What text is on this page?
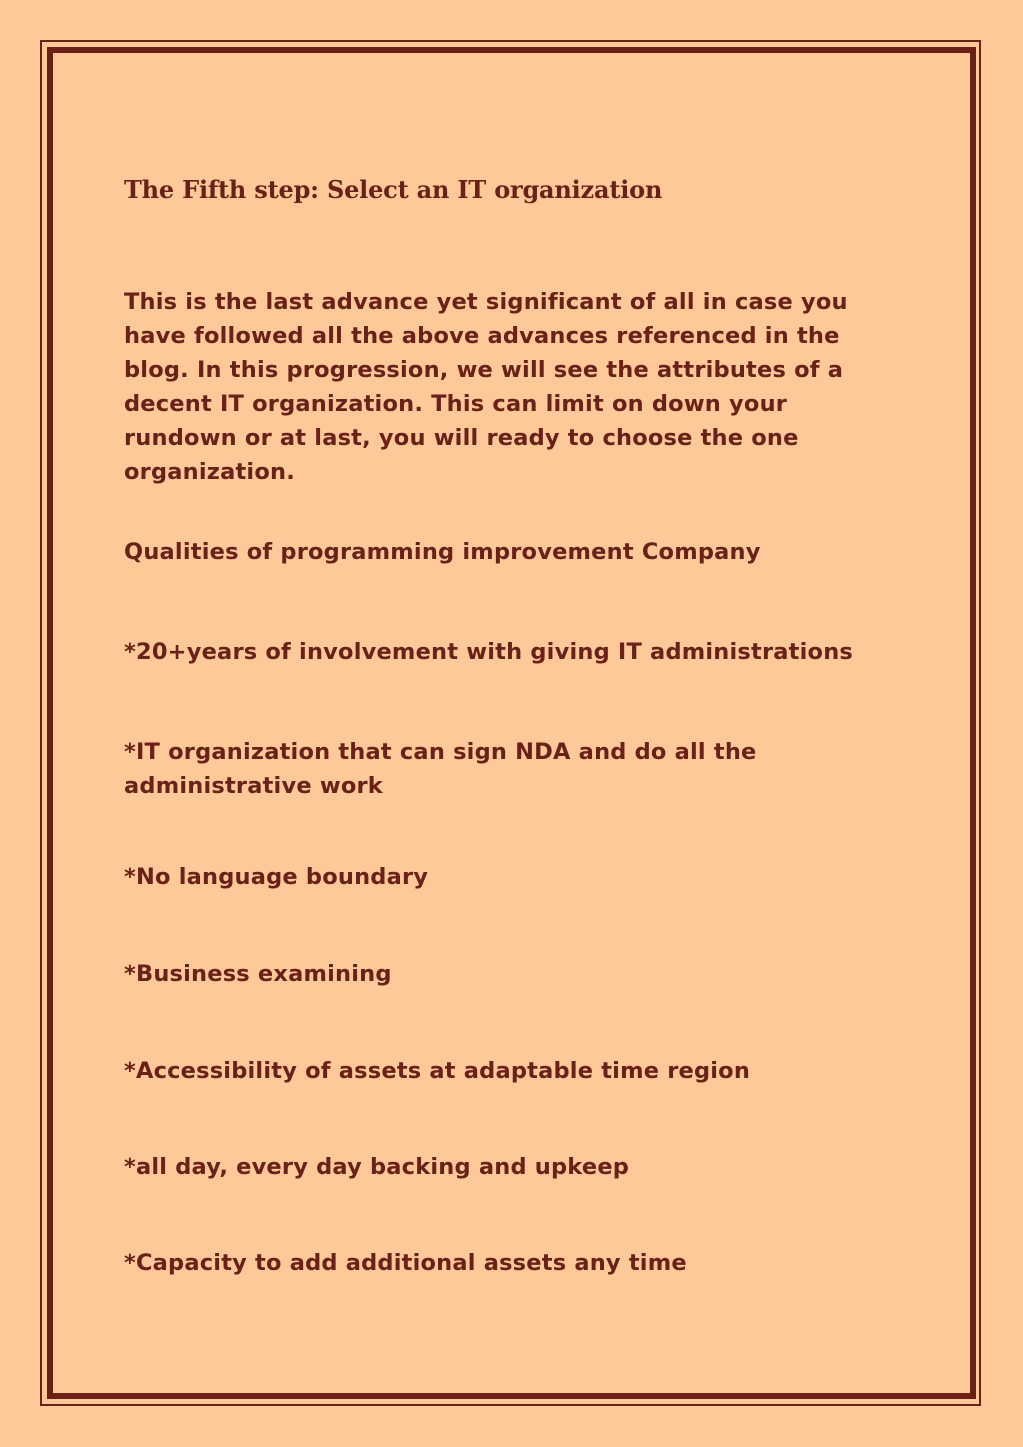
The Fifth step: Select an IT organization

This is the last advance yet significant of all in case you have followed all the above advances referenced in the blog. In this progression, we will see the attributes of a decent IT organization. This can limit on down your rundown or at last, you will ready to choose the one organization.

Qualities of programming improvement Company

*20+years of involvement with giving IT administrations

*IT organization that can sign NDA and do all the administrative work

*No language boundary

*Business examining

*Accessibility of assets at adaptable time region

*all day, every day backing and upkeep

*Capacity to add additional assets any time
